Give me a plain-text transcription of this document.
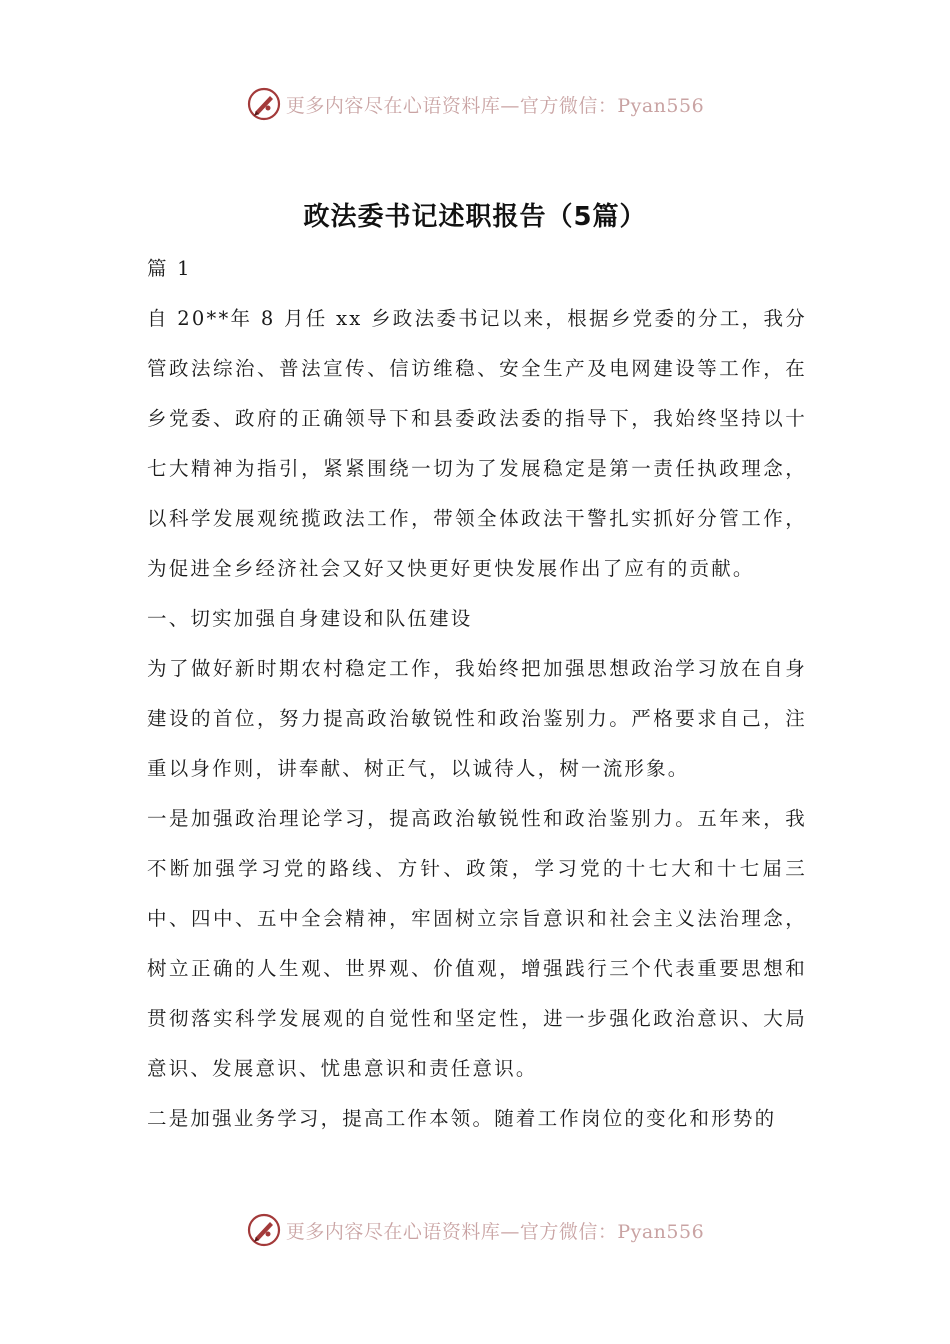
更多内容尽在心语资料库—官方微信：Pyan556
政法委书记述职报告（5篇）

篇 1

自 20**年 8 月任 xx 乡政法委书记以来，根据乡党委的分工，我分管政法综治、普法宣传、信访维稳、安全生产及电网建设等工作，在乡党委、政府的正确领导下和县委政法委的指导下，我始终坚持以十七大精神为指引，紧紧围绕一切为了发展稳定是第一责任执政理念，以科学发展观统揽政法工作，带领全体政法干警扎实抓好分管工作，为促进全乡经济社会又好又快更好更快发展作出了应有的贡献。

一、切实加强自身建设和队伍建设

为了做好新时期农村稳定工作，我始终把加强思想政治学习放在自身建设的首位，努力提高政治敏锐性和政治鉴别力。严格要求自己，注重以身作则，讲奉献、树正气，以诚待人，树一流形象。

一是加强政治理论学习，提高政治敏锐性和政治鉴别力。五年来，我不断加强学习党的路线、方针、政策，学习党的十七大和十七届三中、四中、五中全会精神，牢固树立宗旨意识和社会主义法治理念，树立正确的人生观、世界观、价值观，增强践行三个代表重要思想和贯彻落实科学发展观的自觉性和坚定性，进一步强化政治意识、大局意识、发展意识、忧患意识和责任意识。

二是加强业务学习，提高工作本领。随着工作岗位的变化和形势的

更多内容尽在心语资料库—官方微信：Pyan556
